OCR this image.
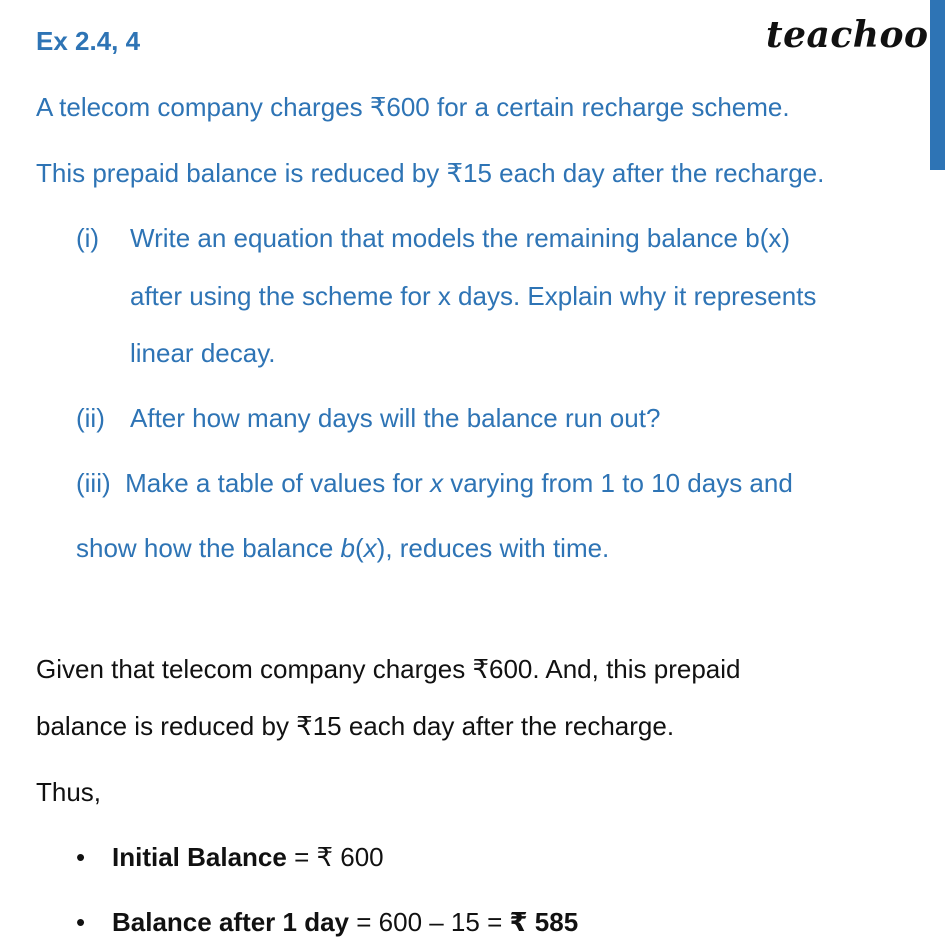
Ex 2.4, 4	teachoo
A telecom company charges ₹600 for a certain recharge scheme.
This prepaid balance is reduced by ₹15 each day after the recharge.
(i) Write an equation that models the remaining balance b(x)
after using the scheme for x days. Explain why it represents
linear decay.
(ii) After how many days will the balance run out?
(iii) Make a table of values for x varying from 1 to 10 days and
show how the balance b(x), reduces with time.
Given that telecom company charges ₹600. And, this prepaid
balance is reduced by ₹15 each day after the recharge.
Thus,
• Initial Balance = ₹ 600
• Balance after 1 day = 600 – 15 = ₹ 585
